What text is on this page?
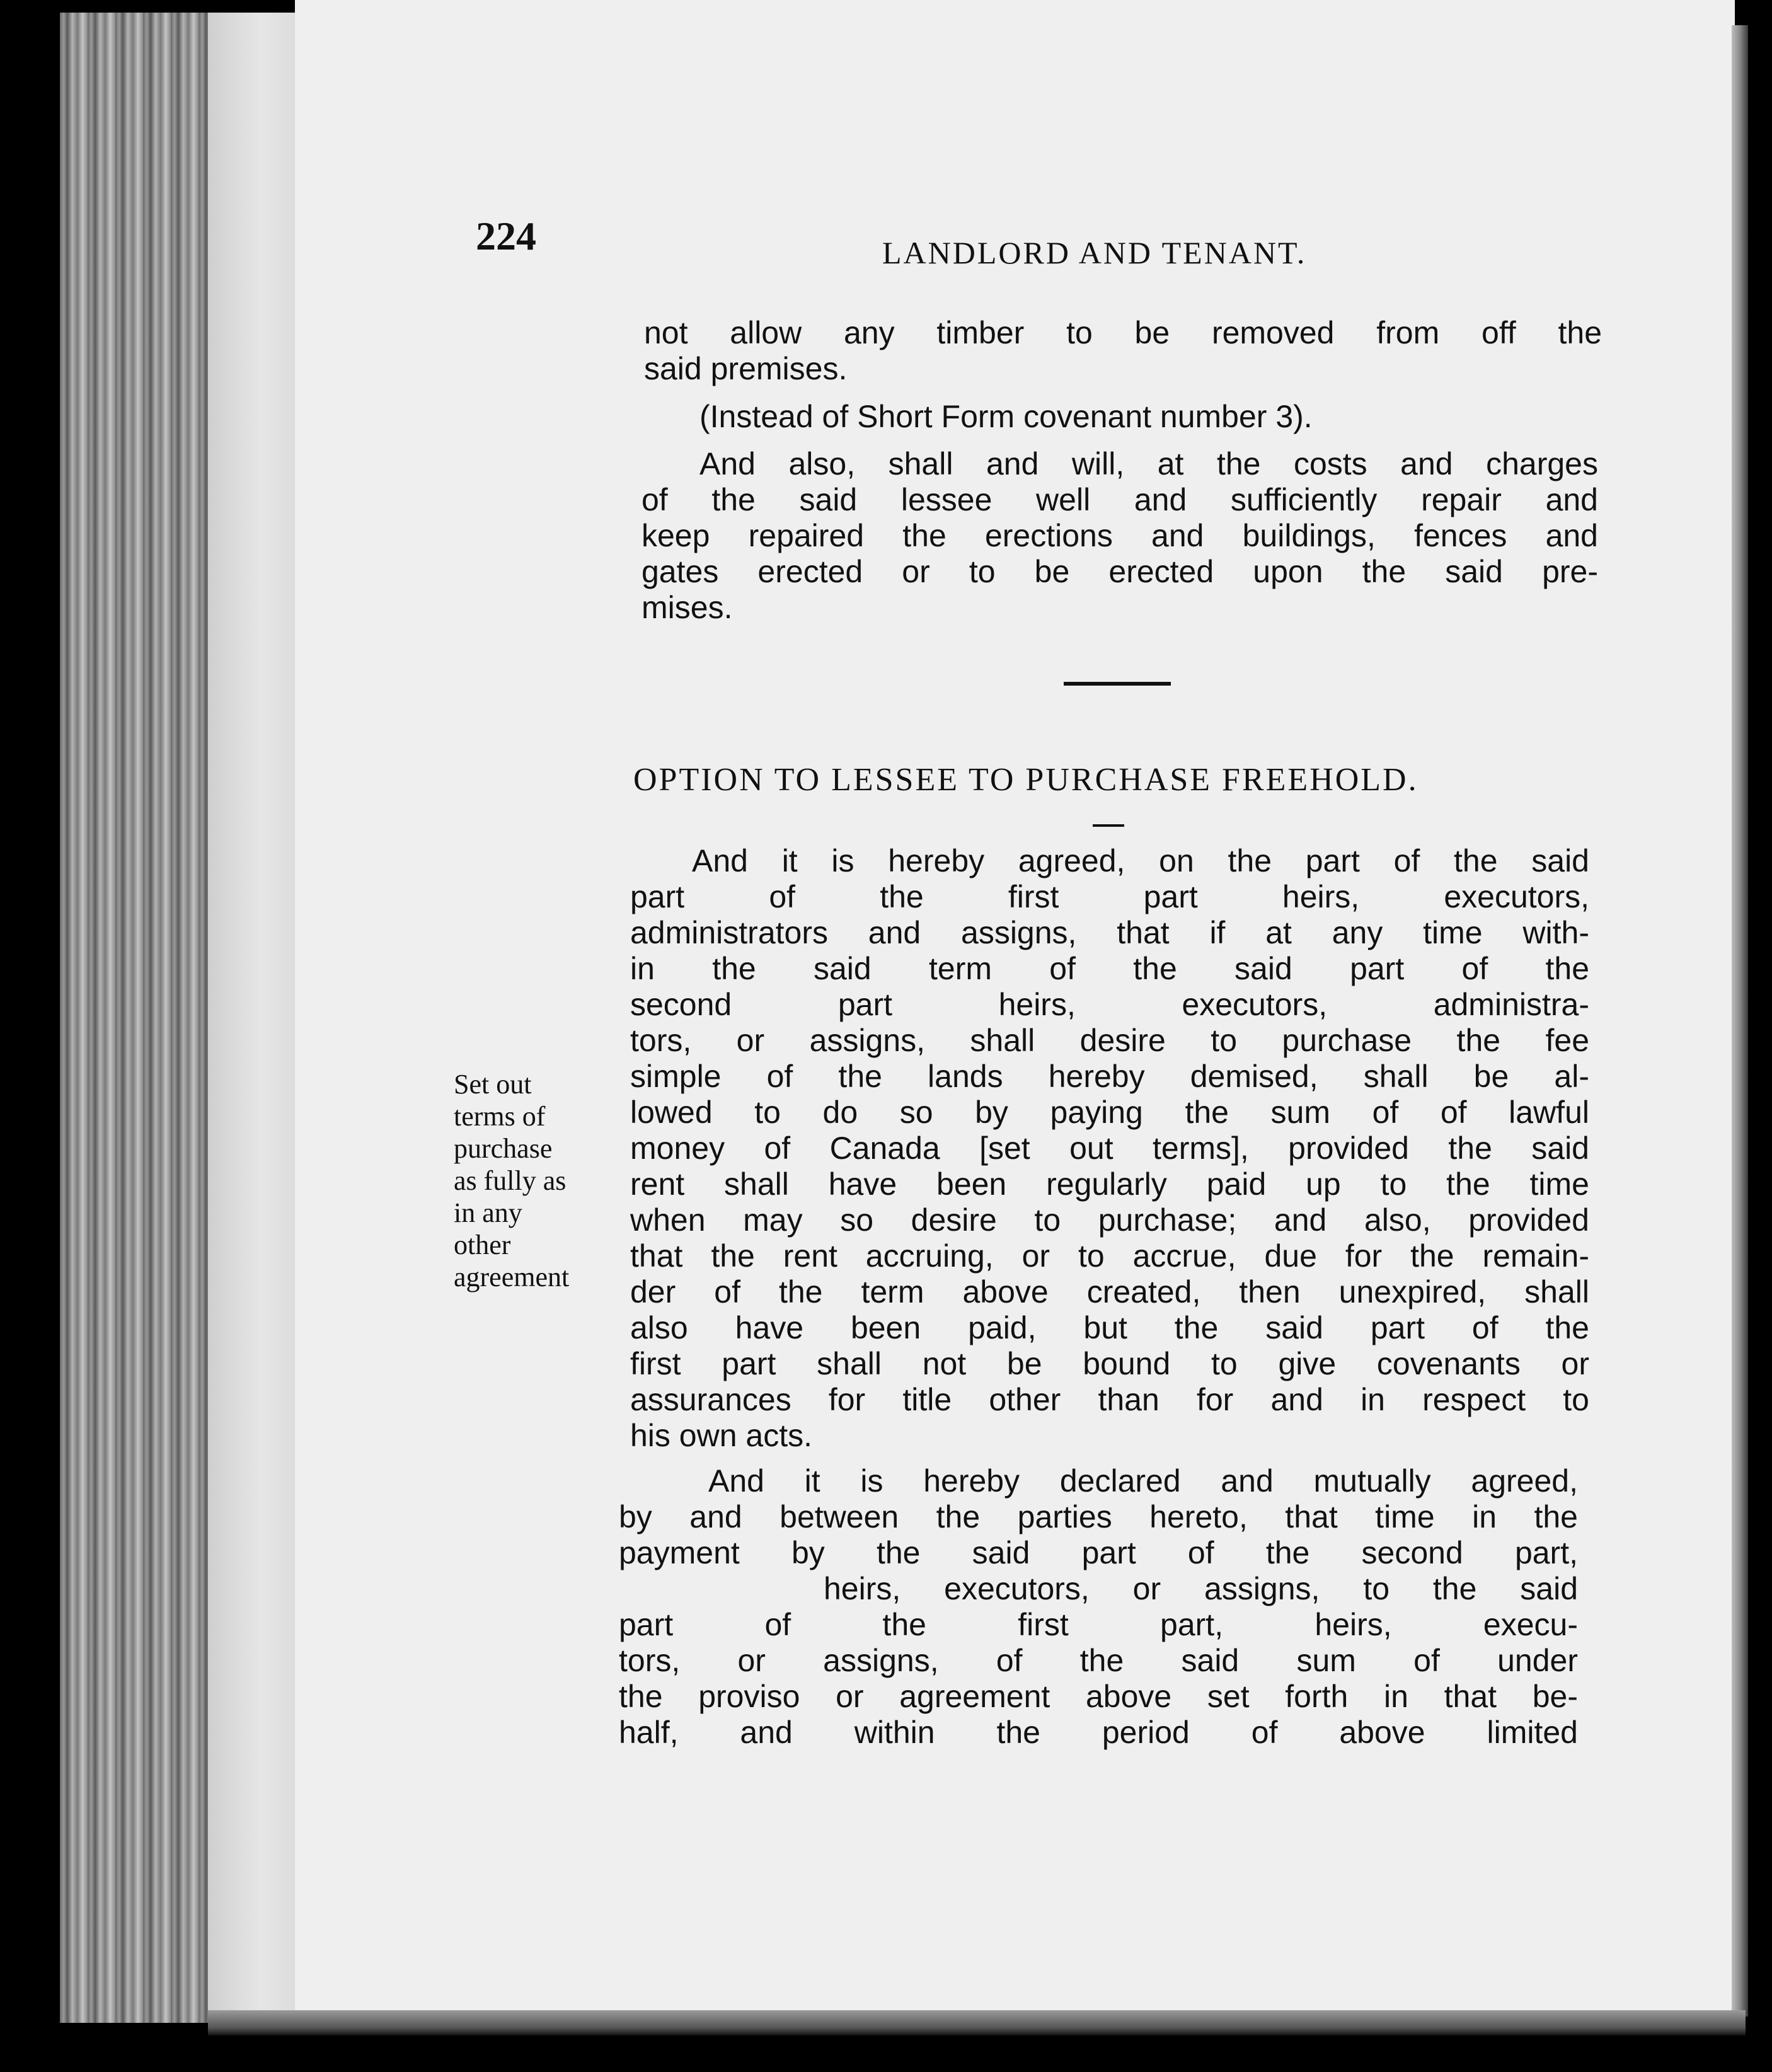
224	LANDLORD AND TENANT.

not allow any timber to be removed from off the
said premises.
(Instead of Short Form covenant number 3).
And also, shall and will, at the costs and charges
of the said lessee well and sufficiently repair and
keep repaired the erections and buildings, fences and
gates erected or to be erected upon the said pre-
mises.
OPTION TO LESSEE TO PURCHASE FREEHOLD.
And it is hereby agreed, on the part of the said
part of the first part heirs, executors,
administrators and assigns, that if at any time with-
in the said term of the said part of the
second part heirs, executors, administra-
tors, or assigns, shall desire to purchase the fee
simple of the lands hereby demised, shall be al-
lowed to do so by paying the sum of of lawful
money of Canada [set out terms], provided the said
rent shall have been regularly paid up to the time
when may so desire to purchase; and also, provided
that the rent accruing, or to accrue, due for the remain-
der of the term above created, then unexpired, shall
also have been paid, but the said part of the
first part shall not be bound to give covenants or
assurances for title other than for and in respect to
his own acts.
Set out
terms of
purchase
as fully as
in any
other
agreement
And it is hereby declared and mutually agreed,
by and between the parties hereto, that time in the
payment by the said part of the second part,
heirs, executors, or assigns, to the said
part of the first part, heirs, execu-
tors, or assigns, of the said sum of under
the proviso or agreement above set forth in that be-
half, and within the period of above limited
